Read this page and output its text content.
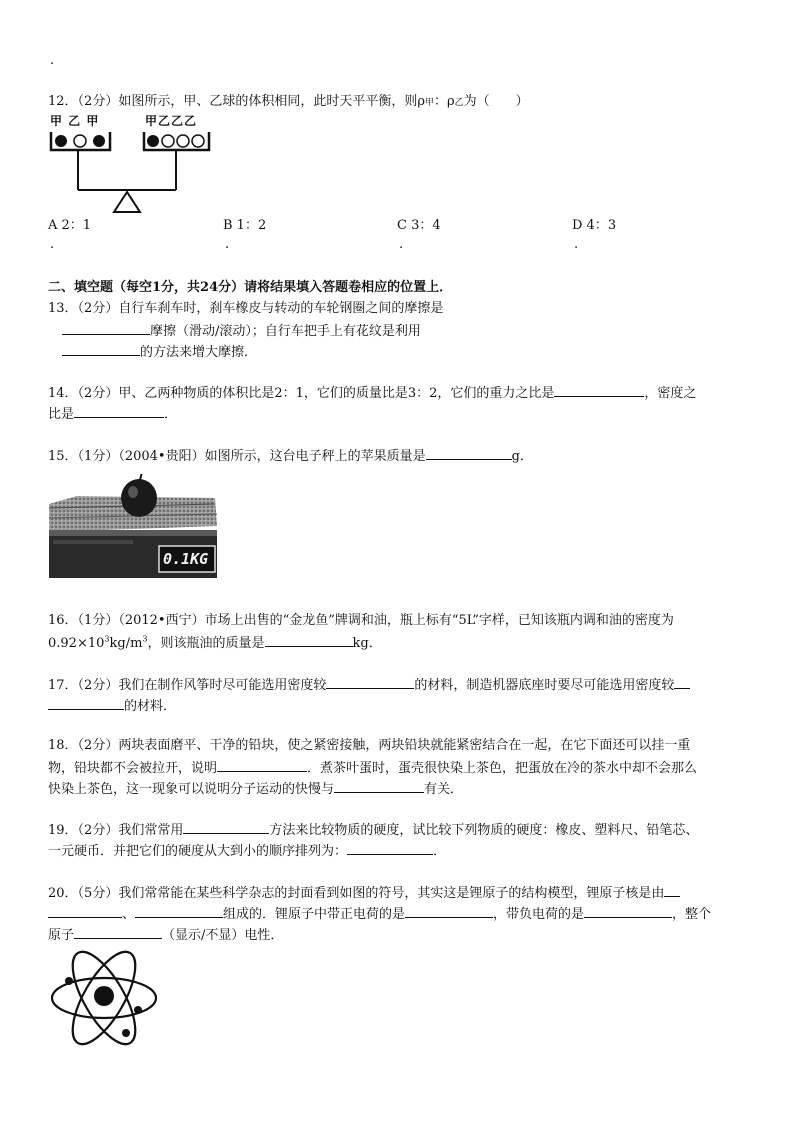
.
12．（2分）如图所示，甲、乙球的体积相同，此时天平平衡，则ρ甲：ρ乙为（　　）
甲 乙 甲	甲乙乙乙
A 2：1	B 1：2	C 3：4	D 4：3
.	.	.	.
二、填空题（每空1分，共24分）请将结果填入答题卷相应的位置上．
13．（2分）自行车刹车时，刹车橡皮与转动的车轮钢圈之间的摩擦是
摩擦（滑动/滚动）；自行车把手上有花纹是利用
的方法来增大摩擦．
14．（2分）甲、乙两种物质的体积比是2：1，它们的质量比是3：2，它们的重力之比是	，密度之
比是	．
15．（1分）（2004•贵阳）如图所示，这台电子秤上的苹果质量是	g．
0.1KG
16．（1分）（2012•西宁）市场上出售的“金龙鱼”牌调和油，瓶上标有“5L”字样，已知该瓶内调和油的密度为
$0.92\times 10^3kg/m^3$，则该瓶油的质量是	kg．
17．（2分）我们在制作风筝时尽可能选用密度较	的材料，制造机器底座时要尽可能选用密度较
的材料．
18．（2分）两块表面磨平、干净的铅块，使之紧密接触，两块铅块就能紧密结合在一起，在它下面还可以挂一重
物，铅块都不会被拉开，说明	．煮茶叶蛋时，蛋壳很快染上茶色，把蛋放在冷的茶水中却不会那么
快染上茶色，这一现象可以说明分子运动的快慢与	有关．
19．（2分）我们常常用	方法来比较物质的硬度，试比较下列物质的硬度：橡皮、塑料尺、铅笔芯、
一元硬币．并把它们的硬度从大到小的顺序排列为：	．
20．（5分）我们常常能在某些科学杂志的封面看到如图的符号，其实这是锂原子的结构模型，锂原子核是由
、	组成的．锂原子中带正电荷的是	，带负电荷的是	，整个
原子	（显示/不显）电性．
